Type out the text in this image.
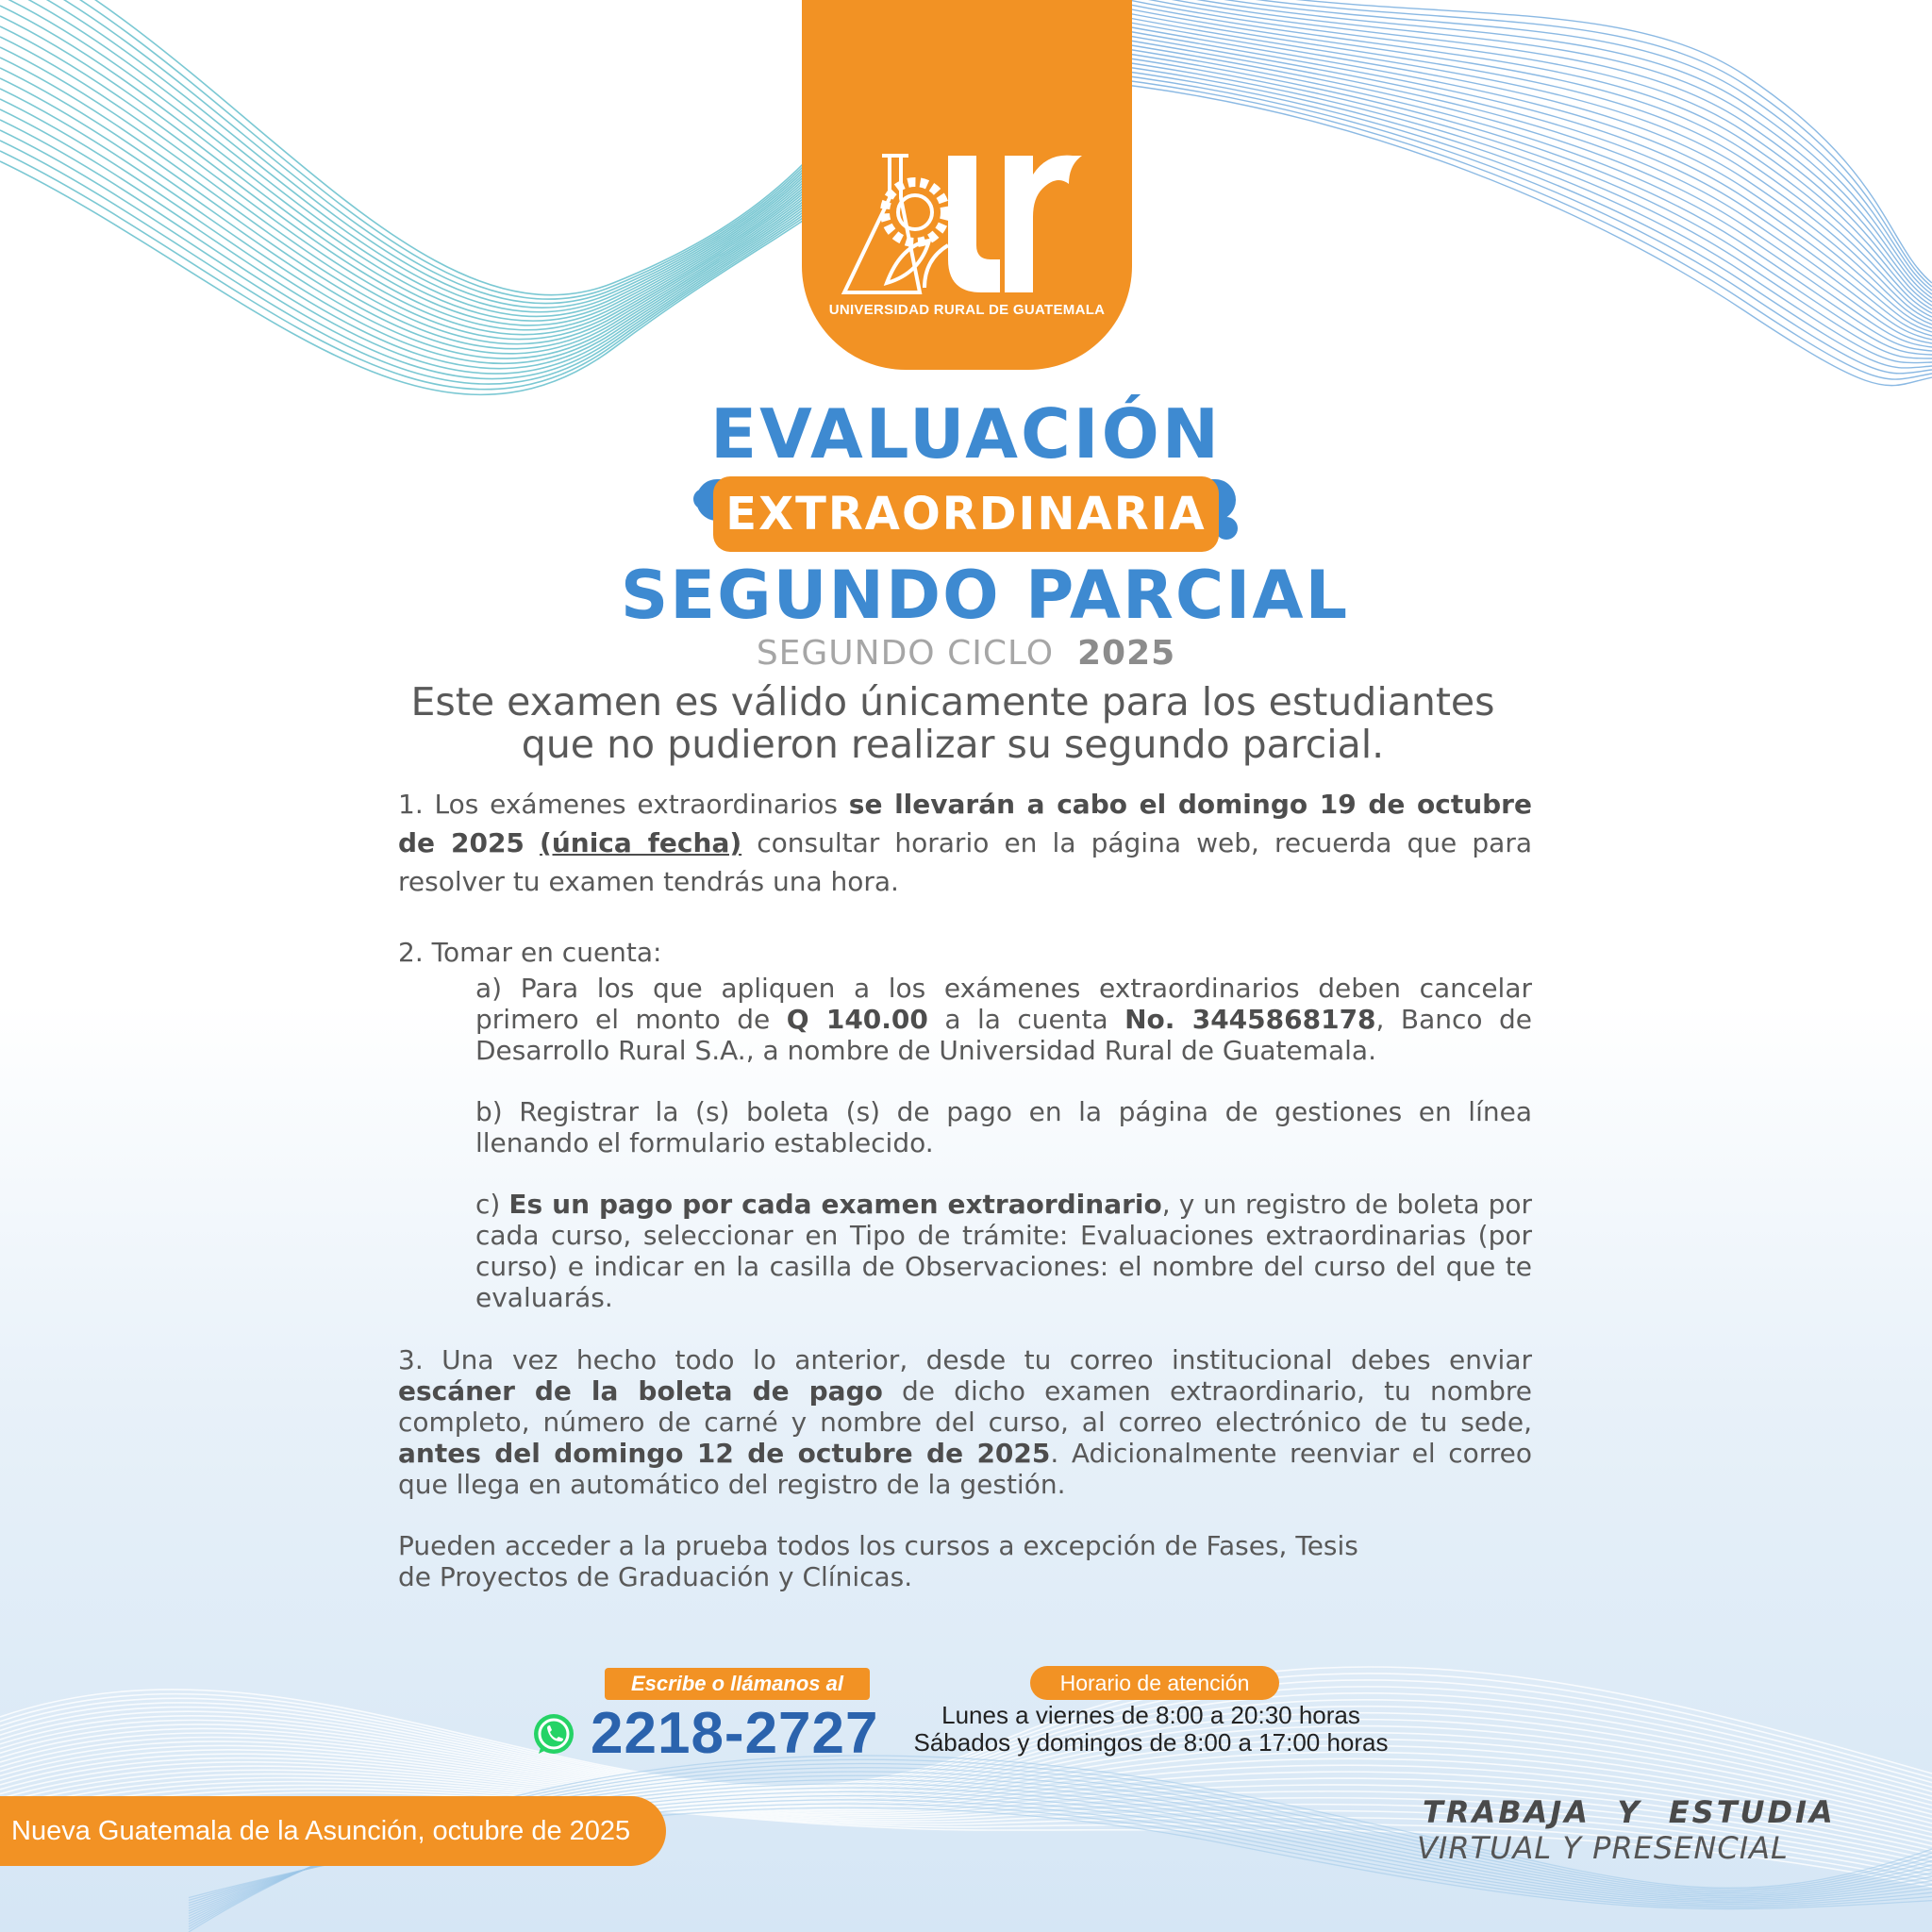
UNIVERSIDAD RURAL DE GUATEMALA
EVALUACIÓN
EXTRAORDINARIA
SEGUNDO PARCIAL
SEGUNDO CICLO 2025
Este examen es válido únicamente para los estudiantes
que no pudieron realizar su segundo parcial.
1. Los exámenes extraordinarios se llevarán a cabo el domingo 19 de octubre de 2025 (única fecha) consultar horario en la página web, recuerda que para resolver tu examen tendrás una hora.
2. Tomar en cuenta:
a) Para los que apliquen a los exámenes extraordinarios deben cancelar primero el monto de Q 140.00 a la cuenta No. 3445868178, Banco de Desarrollo Rural S.A., a nombre de Universidad Rural de Guatemala.
b) Registrar la (s) boleta (s) de pago en la página de gestiones en línea llenando el formulario establecido.
c) Es un pago por cada examen extraordinario, y un registro de boleta por cada curso, seleccionar en Tipo de trámite: Evaluaciones extraordinarias (por curso) e indicar en la casilla de Observaciones: el nombre del curso del que te evaluarás.
3. Una vez hecho todo lo anterior, desde tu correo institucional debes enviar escáner de la boleta de pago de dicho examen extraordinario, tu nombre completo, número de carné y nombre del curso, al correo electrónico de tu sede, antes del domingo 12 de octubre de 2025. Adicionalmente reenviar el correo que llega en automático del registro de la gestión.
Pueden acceder a la prueba todos los cursos a excepción de Fases, Tesis
de Proyectos de Graduación y Clínicas.
Escribe o llámanos al
2218-2727
Horario de atención
Lunes a viernes de 8:00 a 20:30 horas
Sábados y domingos de 8:00 a 17:00 horas
Nueva Guatemala de la Asunción, octubre de 2025
TRABAJA  Y  ESTUDIA
VIRTUAL Y PRESENCIAL
